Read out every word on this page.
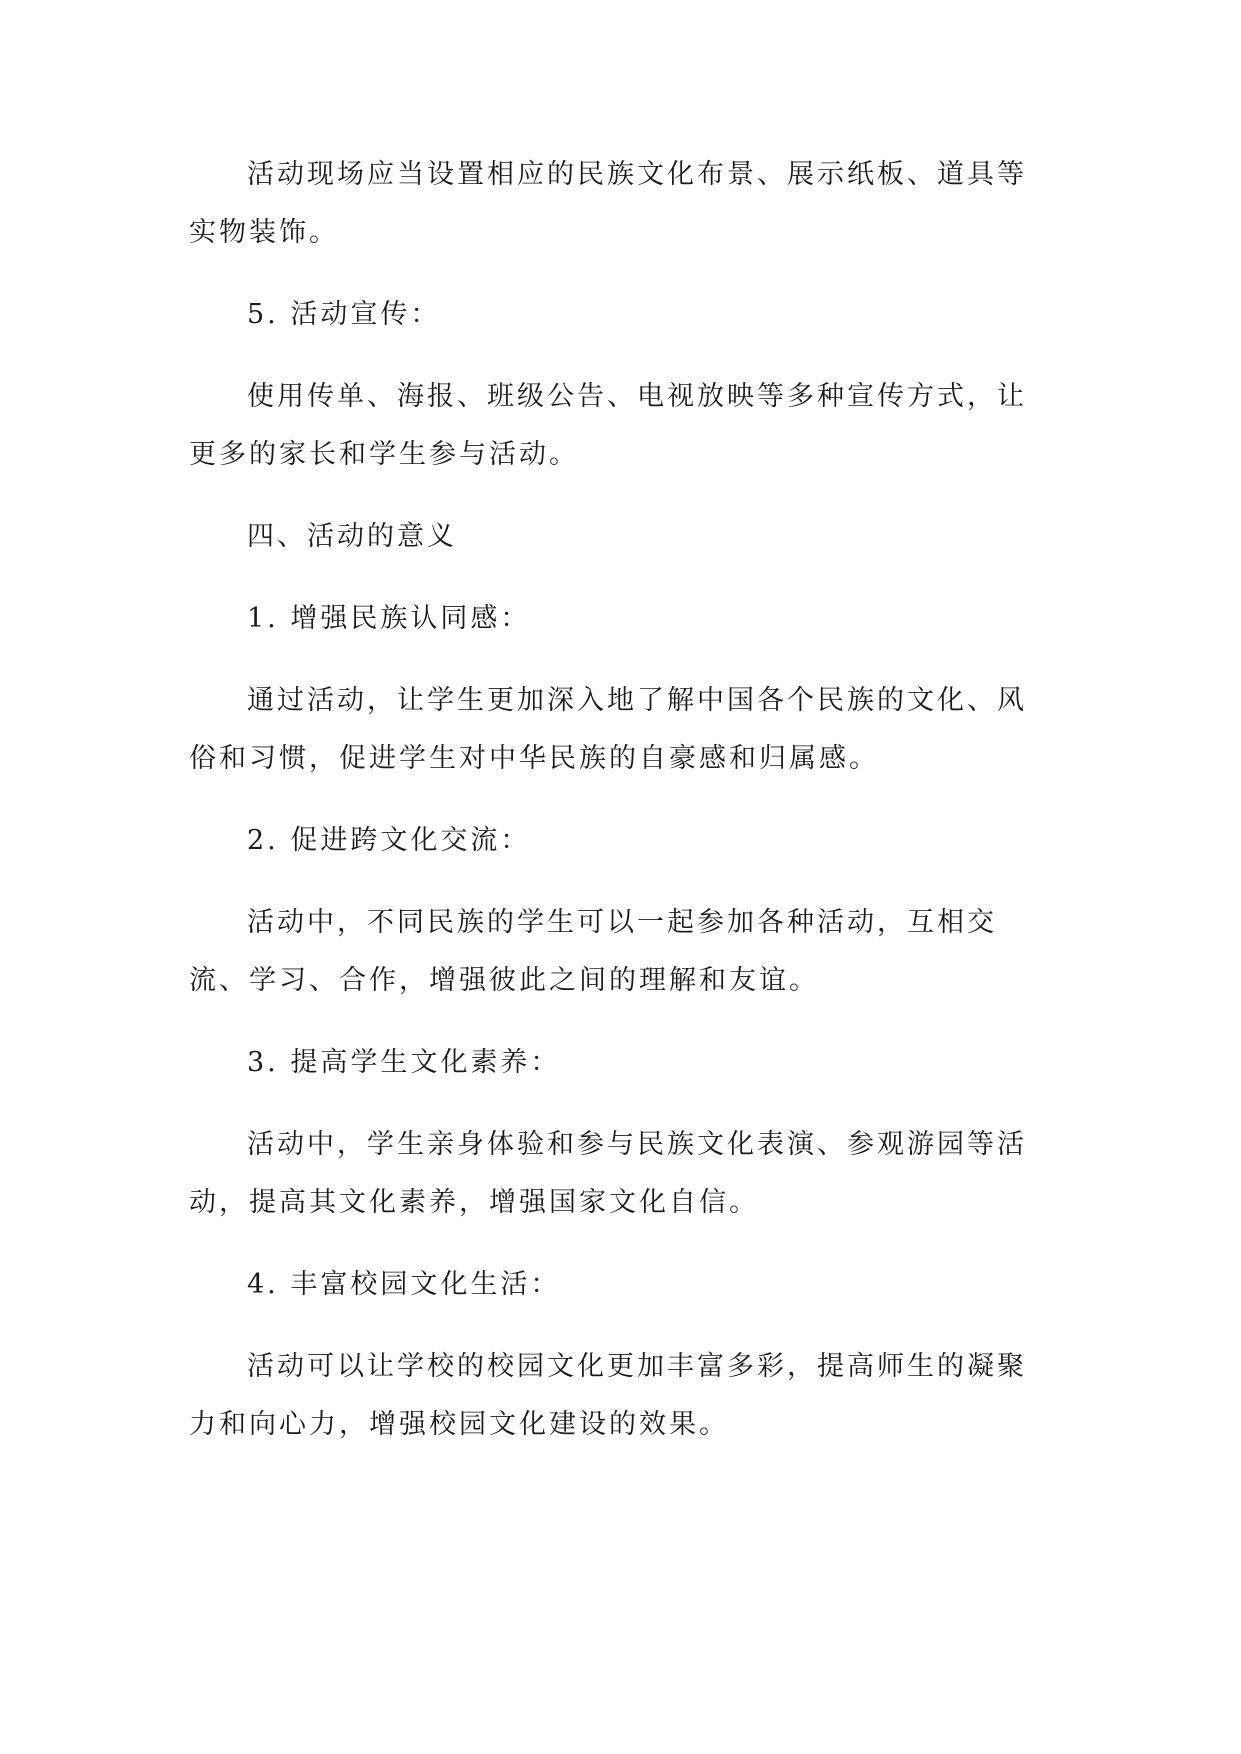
活动现场应当设置相应的民族文化布景、展示纸板、道具等实物装饰。

5. 活动宣传：

使用传单、海报、班级公告、电视放映等多种宣传方式，让更多的家长和学生参与活动。

四、活动的意义

1. 增强民族认同感：

通过活动，让学生更加深入地了解中国各个民族的文化、风俗和习惯，促进学生对中华民族的自豪感和归属感。

2. 促进跨文化交流：

活动中，不同民族的学生可以一起参加各种活动，互相交流、学习、合作，增强彼此之间的理解和友谊。

3. 提高学生文化素养：

活动中，学生亲身体验和参与民族文化表演、参观游园等活动，提高其文化素养，增强国家文化自信。

4. 丰富校园文化生活：

活动可以让学校的校园文化更加丰富多彩，提高师生的凝聚力和向心力，增强校园文化建设的效果。
